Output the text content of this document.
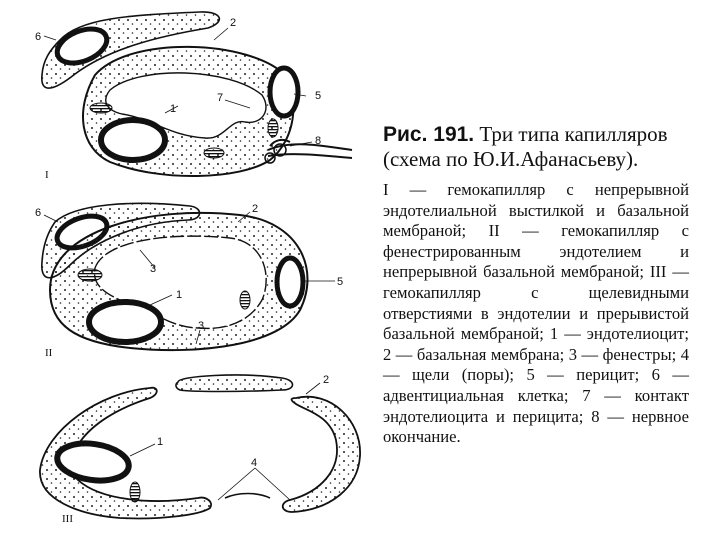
1
2
5
6
7
8
I
1
2
3
3
5
6
II
1
2
4
III

Рис. 191. Три типа капилляров

(схема по Ю.И.Афанасьеву).

I — гемокапилляр с непрерывной эндотелиальной выстилкой и базальной мембраной; II — гемокапилляр с фенестрированным эндотелием и непрерывной базальной мембраной; III — гемокапилляр с щелевидными отверстиями в эндотелии и прерывистой базальной мембраной; 1 — эндотелиоцит; 2 — базальная мембрана; 3 — фенестры; 4 — щели (поры); 5 — перицит; 6 — адвентициальная клетка; 7 — контакт эндотелиоцита и перицита; 8 — нервное окончание.
